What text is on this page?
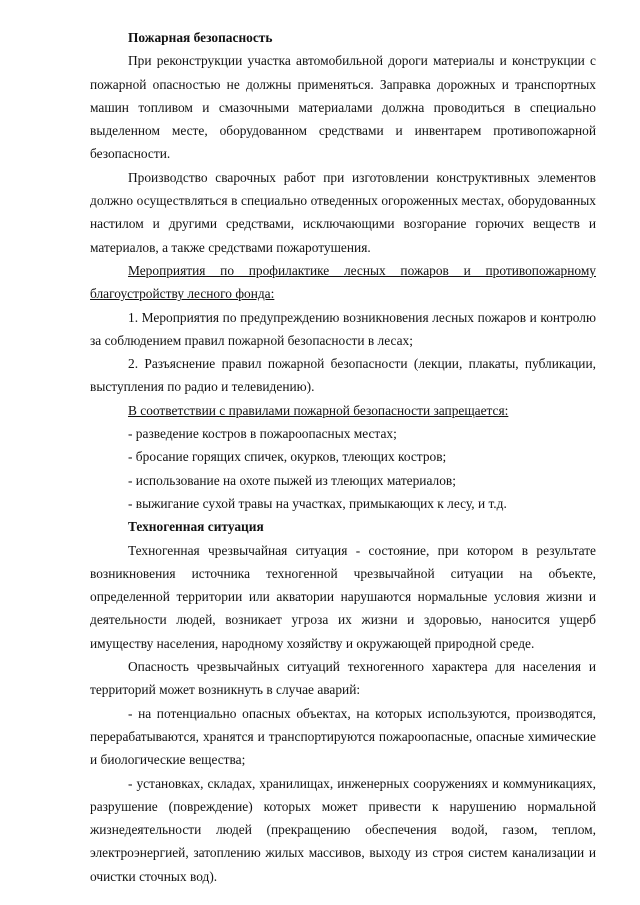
Пожарная безопасность

При реконструкции участка автомобильной дороги материалы и конструкции с пожарной опасностью не должны применяться. Заправка дорожных и транспортных машин топливом и смазочными материалами должна проводиться в специально выделенном месте, оборудованном средствами и инвентарем противопожарной безопасности.

Производство сварочных работ при изготовлении конструктивных элементов должно осуществляться в специально отведенных огороженных местах, оборудованных настилом и другими средствами, исключающими возгорание горючих веществ и материалов, а также средствами пожаротушения.

Мероприятия по профилактике лесных пожаров и противопожарному благоустройству лесного фонда:

1. Мероприятия по предупреждению возникновения лесных пожаров и контролю за соблюдением правил пожарной безопасности в лесах;

2. Разъяснение правил пожарной безопасности (лекции, плакаты, публикации, выступления по радио и телевидению).

В соответствии с правилами пожарной безопасности запрещается:

- разведение костров в пожароопасных местах;

- бросание горящих спичек, окурков, тлеющих костров;

- использование на охоте пыжей из тлеющих материалов;

- выжигание сухой травы на участках, примыкающих к лесу, и т.д.

Техногенная ситуация

Техногенная чрезвычайная ситуация - состояние, при котором в результате возникновения источника техногенной чрезвычайной ситуации на объекте, определенной территории или акватории нарушаются нормальные условия жизни и деятельности людей, возникает угроза их жизни и здоровью, наносится ущерб имуществу населения, народному хозяйству и окружающей природной среде.

Опасность чрезвычайных ситуаций техногенного характера для населения и территорий может возникнуть в случае аварий:

- на потенциально опасных объектах, на которых используются, производятся, перерабатываются, хранятся и транспортируются пожароопасные, опасные химические и биологические вещества;

- установках, складах, хранилищах, инженерных сооружениях и коммуникациях, разрушение (повреждение) которых может привести к нарушению нормальной жизнедеятельности людей (прекращению обеспечения водой, газом, теплом, электроэнергией, затоплению жилых массивов, выходу из строя систем канализации и очистки сточных вод).
